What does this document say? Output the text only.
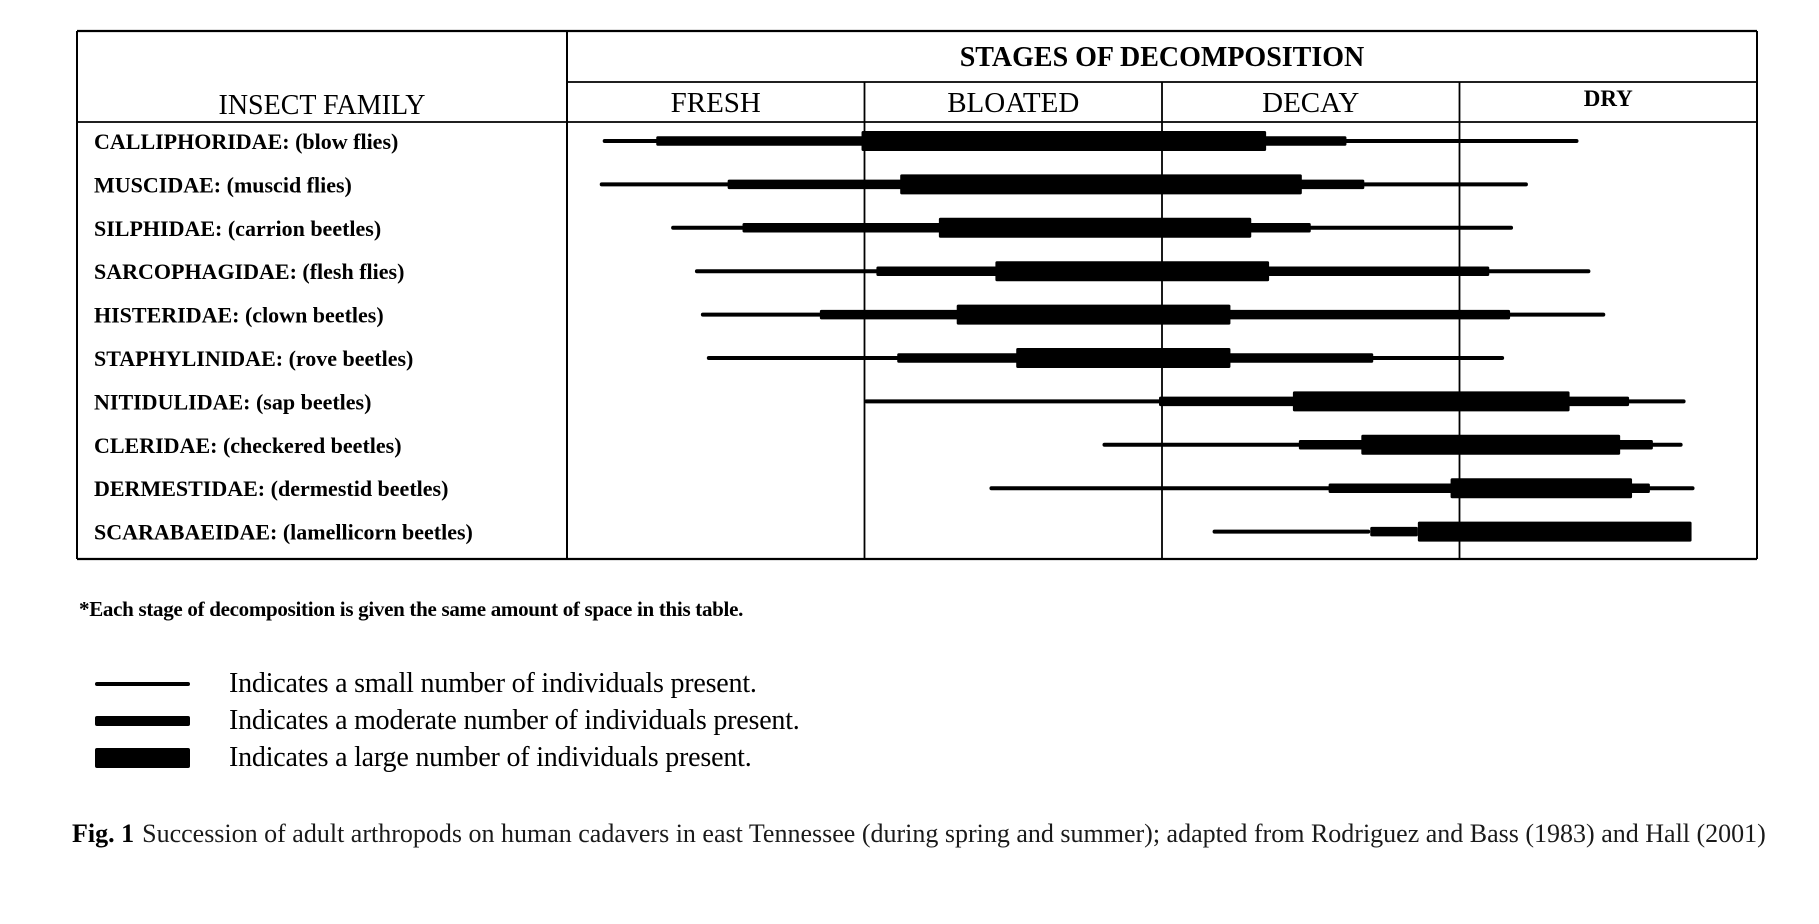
STAGES OF DECOMPOSITION
INSECT FAMILY	FRESH	BLOATED	DECAY	DRY
CALLIPHORIDAE: (blow flies)
MUSCIDAE: (muscid flies)
SILPHIDAE: (carrion beetles)
SARCOPHAGIDAE: (flesh flies)
HISTERIDAE: (clown beetles)
STAPHYLINIDAE: (rove beetles)
NITIDULIDAE: (sap beetles)
CLERIDAE: (checkered beetles)
DERMESTIDAE: (dermestid beetles)
SCARABAEIDAE: (lamellicorn beetles)
*Each stage of decomposition is given the same amount of space in this table.
Indicates a small number of individuals present.
Indicates a moderate number of individuals present.
Indicates a large number of individuals present.
Fig. 1 Succession of adult arthropods on human cadavers in east Tennessee (during spring and summer); adapted from Rodriguez and Bass (1983) and Hall (2001)
